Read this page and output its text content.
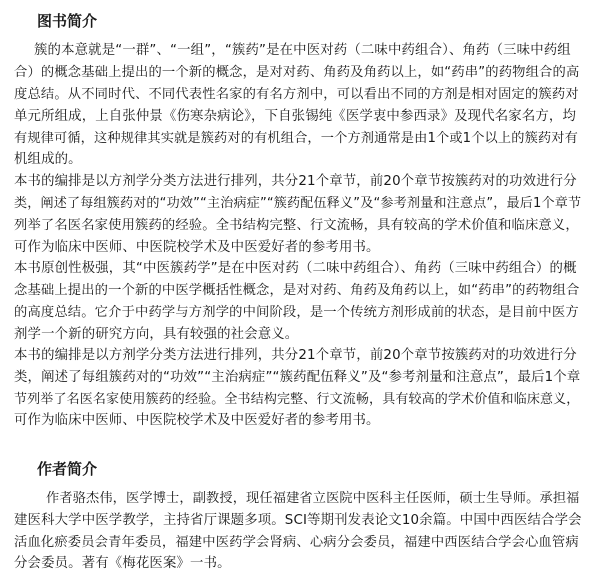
图书简介
簇的本意就是“一群”、“一组”，“簇药”是在中医对药（二味中药组合）、角药（三味中药组
合）的概念基础上提出的一个新的概念，是对对药、角药及角药以上，如“药串”的药物组合的高
度总结。从不同时代、不同代表性名家的有名方剂中，可以看出不同的方剂是相对固定的簇药对
单元所组成，上自张仲景《伤寒杂病论》，下自张锡纯《医学衷中参西录》及现代名家名方，均
有规律可循，这种规律其实就是簇药对的有机组合，一个方剂通常是由1个或1个以上的簇药对有
机组成的。
本书的编排是以方剂学分类方法进行排列，共分21个章节，前20个章节按簇药对的功效进行分
类，阐述了每组簇药对的“功效”“主治病症”“簇药配伍释义”及“参考剂量和注意点”，最后1个章节
列举了名医名家使用簇药的经验。全书结构完整、行文流畅，具有较高的学术价值和临床意义，
可作为临床中医师、中医院校学术及中医爱好者的参考用书。
本书原创性极强，其“中医簇药学”是在中医对药（二味中药组合）、角药（三味中药组合）的概
念基础上提出的一个新的中医学概括性概念，是对对药、角药及角药以上，如“药串”的药物组合
的高度总结。它介于中药学与方剂学的中间阶段，是一个传统方剂形成前的状态，是目前中医方
剂学一个新的研究方向，具有较强的社会意义。
本书的编排是以方剂学分类方法进行排列，共分21个章节，前20个章节按簇药对的功效进行分
类，阐述了每组簇药对的“功效”“主治病症”“簇药配伍释义”及“参考剂量和注意点”，最后1个章
节列举了名医名家使用簇药的经验。全书结构完整、行文流畅，具有较高的学术价值和临床意义，
可作为临床中医师、中医院校学术及中医爱好者的参考用书。
作者简介
作者骆杰伟，医学博士，副教授，现任福建省立医院中医科主任医师，硕士生导师。承担福
建医科大学中医学教学，主持省厅课题多项。SCI等期刊发表论文10余篇。中国中西医结合学会
活血化瘀委员会青年委员，福建中医药学会肾病、心病分会委员，福建中西医结合学会心血管病
分会委员。著有《梅花医案》一书。
